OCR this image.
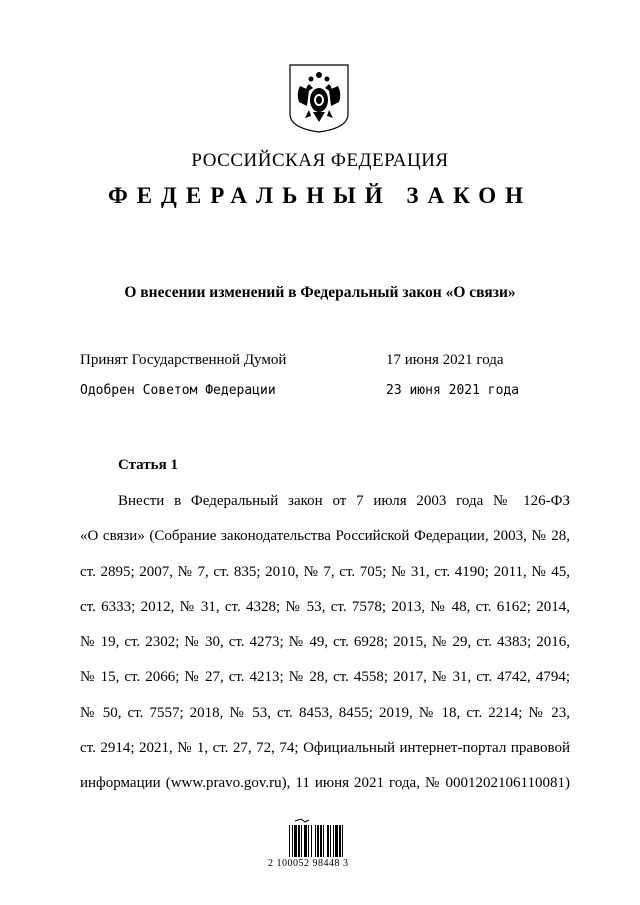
РОССИЙСКАЯ ФЕДЕРАЦИЯ
ФЕДЕРАЛЬНЫЙ ЗАКОН
О внесении изменений в Федеральный закон «О связи»
Принят Государственной Думой	17 июня 2021 года
Одобрен Советом Федерации	23 июня 2021 года
Статья 1
Внести в Федеральный закон от 7 июля 2003 года № 126-ФЗ
«О связи» (Собрание законодательства Российской Федерации, 2003, № 28,
ст. 2895; 2007, № 7, ст. 835; 2010, № 7, ст. 705; № 31, ст. 4190; 2011, № 45,
ст. 6333; 2012, № 31, ст. 4328; № 53, ст. 7578; 2013, № 48, ст. 6162; 2014,
№ 19, ст. 2302; № 30, ст. 4273; № 49, ст. 6928; 2015, № 29, ст. 4383; 2016,
№ 15, ст. 2066; № 27, ст. 4213; № 28, ст. 4558; 2017, № 31, ст. 4742, 4794;
№ 50, ст. 7557; 2018, № 53, ст. 8453, 8455; 2019, № 18, ст. 2214; № 23,
ст. 2914; 2021, № 1, ст. 27, 72, 74; Официальный интернет-портал правовой
информации (www.pravo.gov.ru), 11 июня 2021 года, № 0001202106110081)
2 100052 98448 3
